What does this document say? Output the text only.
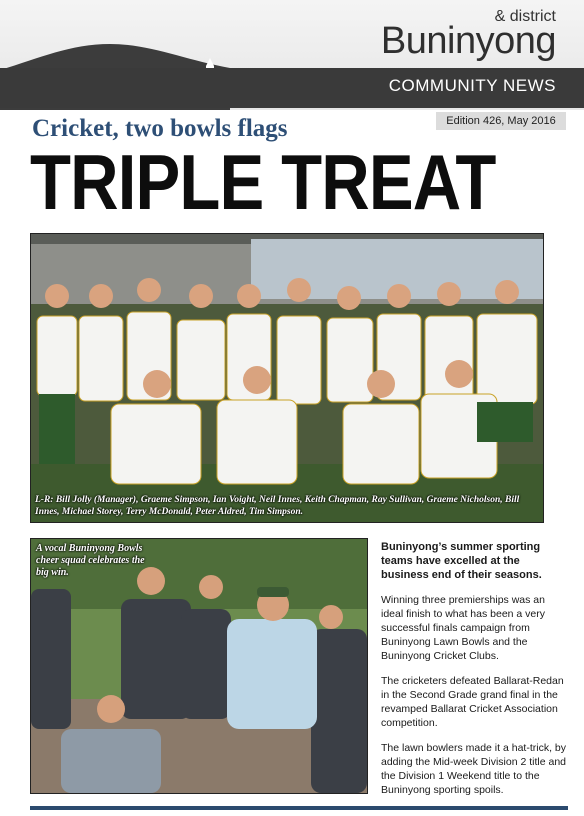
& district
Buninyong
COMMUNITY NEWS
Edition 426, May 2016
Cricket, two bowls flags
TRIPLE TREAT
L-R: Bill Jolly (Manager), Graeme Simpson, Ian Voight, Neil Innes, Keith Chapman, Ray Sullivan, Graeme Nicholson, Bill Innes, Michael Storey, Terry McDonald, Peter Aldred, Tim Simpson.
A vocal Buninyong Bowls cheer squad celebrates the big win.

Buninyong’s summer sporting teams have excelled at the business end of their seasons.

Winning three premierships was an ideal finish to what has been a very successful finals campaign from Buninyong Lawn Bowls and the Buninyong Cricket Clubs.

The cricketers defeated Ballarat-Redan in the Second Grade grand final in the revamped Ballarat Cricket Association competition.

The lawn bowlers made it a hat-trick, by adding the Mid-week Division 2 title and the Division 1 Weekend title to the Buninyong sporting spoils.
